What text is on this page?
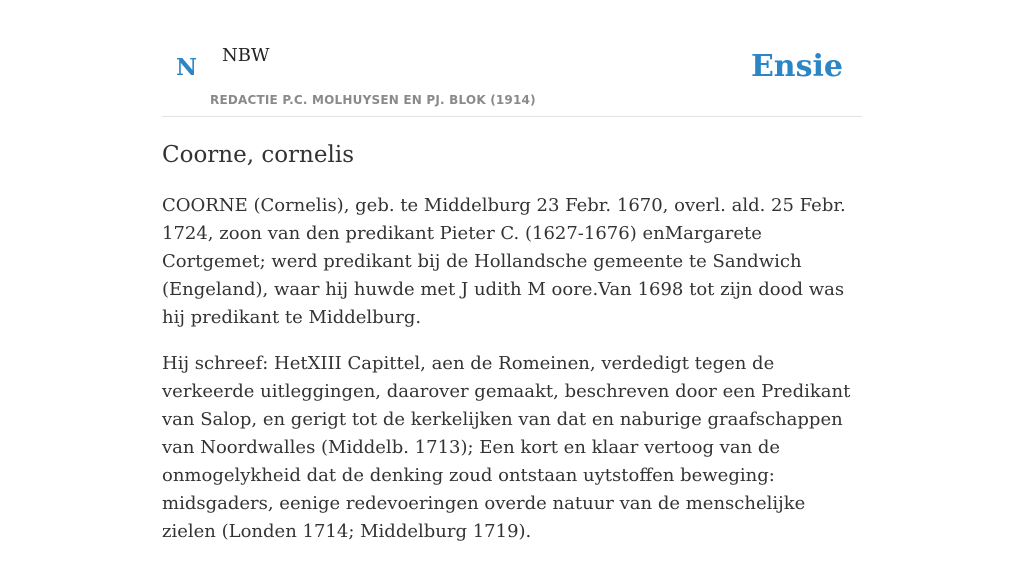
N NBW
REDACTIE P.C. MOLHUYSEN EN PJ. BLOK (1914)
Ensie
Coorne, cornelis

COORNE (Cornelis), geb. te Middelburg 23 Febr. 1670, overl. ald. 25 Febr. 1724, zoon van den predikant Pieter C. (1627-1676) enMargarete Cortgemet; werd predikant bij de Hollandsche gemeente te Sandwich (Engeland), waar hij huwde met J udith M oore.Van 1698 tot zijn dood was hij predikant te Middelburg.

Hij schreef: HetXIII Capittel, aen de Romeinen, verdedigt tegen de verkeerde uitleggingen, daarover gemaakt, beschreven door een Predikant van Salop, en gerigt tot de kerkelijken van dat en naburige graafschappen van Noordwalles (Middelb. 1713); Een kort en klaar vertoog van de onmogelykheid dat de denking zoud ontstaan uytstoffen beweging: midsgaders, eenige redevoeringen overde natuur van de menschelijke zielen (Londen 1714; Middelburg 1719).
